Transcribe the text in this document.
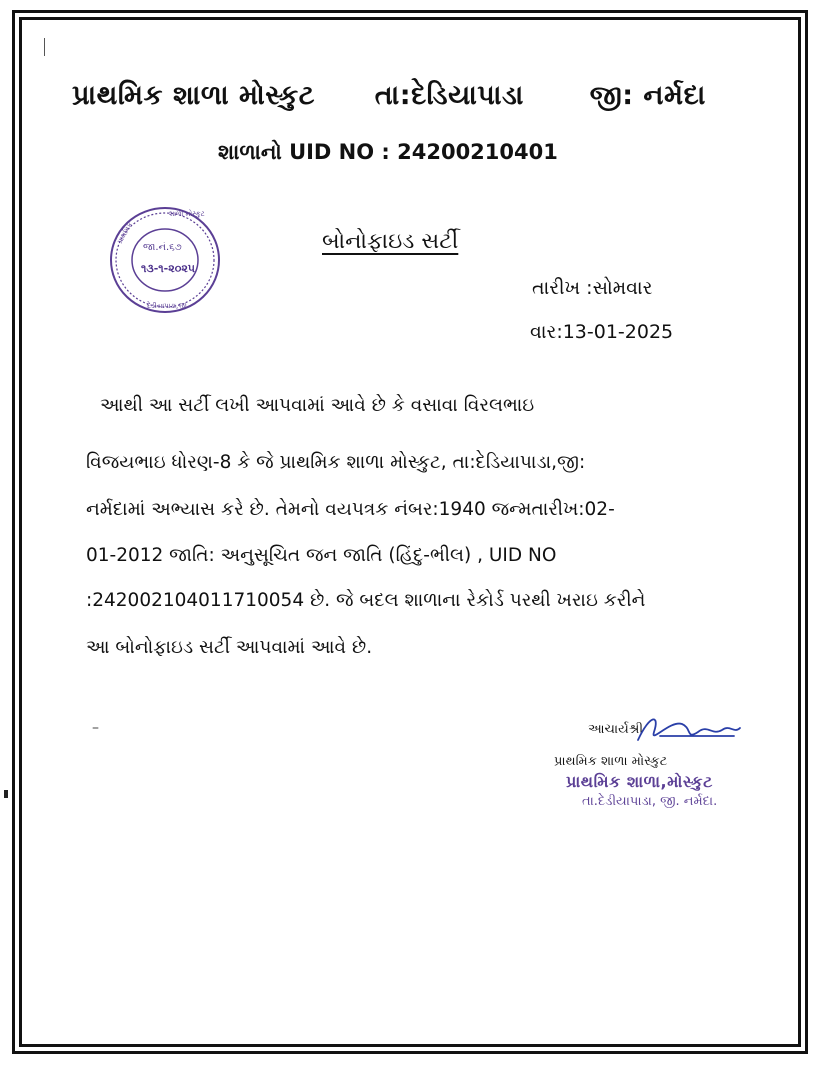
પ્રાથમિક શાળા મોસ્કુટ તા:દેડિયાપાડા જી: નર્મદા
શાળાનો UID NO : 24200210401
પ્રાથમિક
શાળા મોસ્કુટ
દેડીયાપાડા,જી.
જા.નં.૬૭
૧૩-૧-૨૦૨૫
બોનોફાઇડ સર્ટી
તારીખ :સોમવાર
વાર:13-01-2025
આથી આ સર્ટી લખી આપવામાં આવે છે કે વસાવા વિરલભાઇ
વિજયભાઇ ધોરણ-8 કે જે પ્રાથમિક શાળા મોસ્કુટ, તા:દેડિયાપાડા,જી:
નર્મદામાં અભ્યાસ કરે છે. તેમનો વયપત્રક નંબર:1940 જન્મતારીખ:02-
01-2012 જાતિ: અનુસૂચિત જન જાતિ (હિંદુ-ભીલ) , UID NO
:242002104011710054 છે. જે બદલ શાળાના રેકોર્ડ પરથી ખરાઇ કરીને
આ બોનોફાઇડ સર્ટી આપવામાં આવે છે.
–	આચાર્યશ્રી
પ્રાથમિક શાળા મોસ્કુટ
પ્રાથમિક શાળા,મોસ્કુટ
તા.દેડીયાપાડા, જી. નર્મદા.
